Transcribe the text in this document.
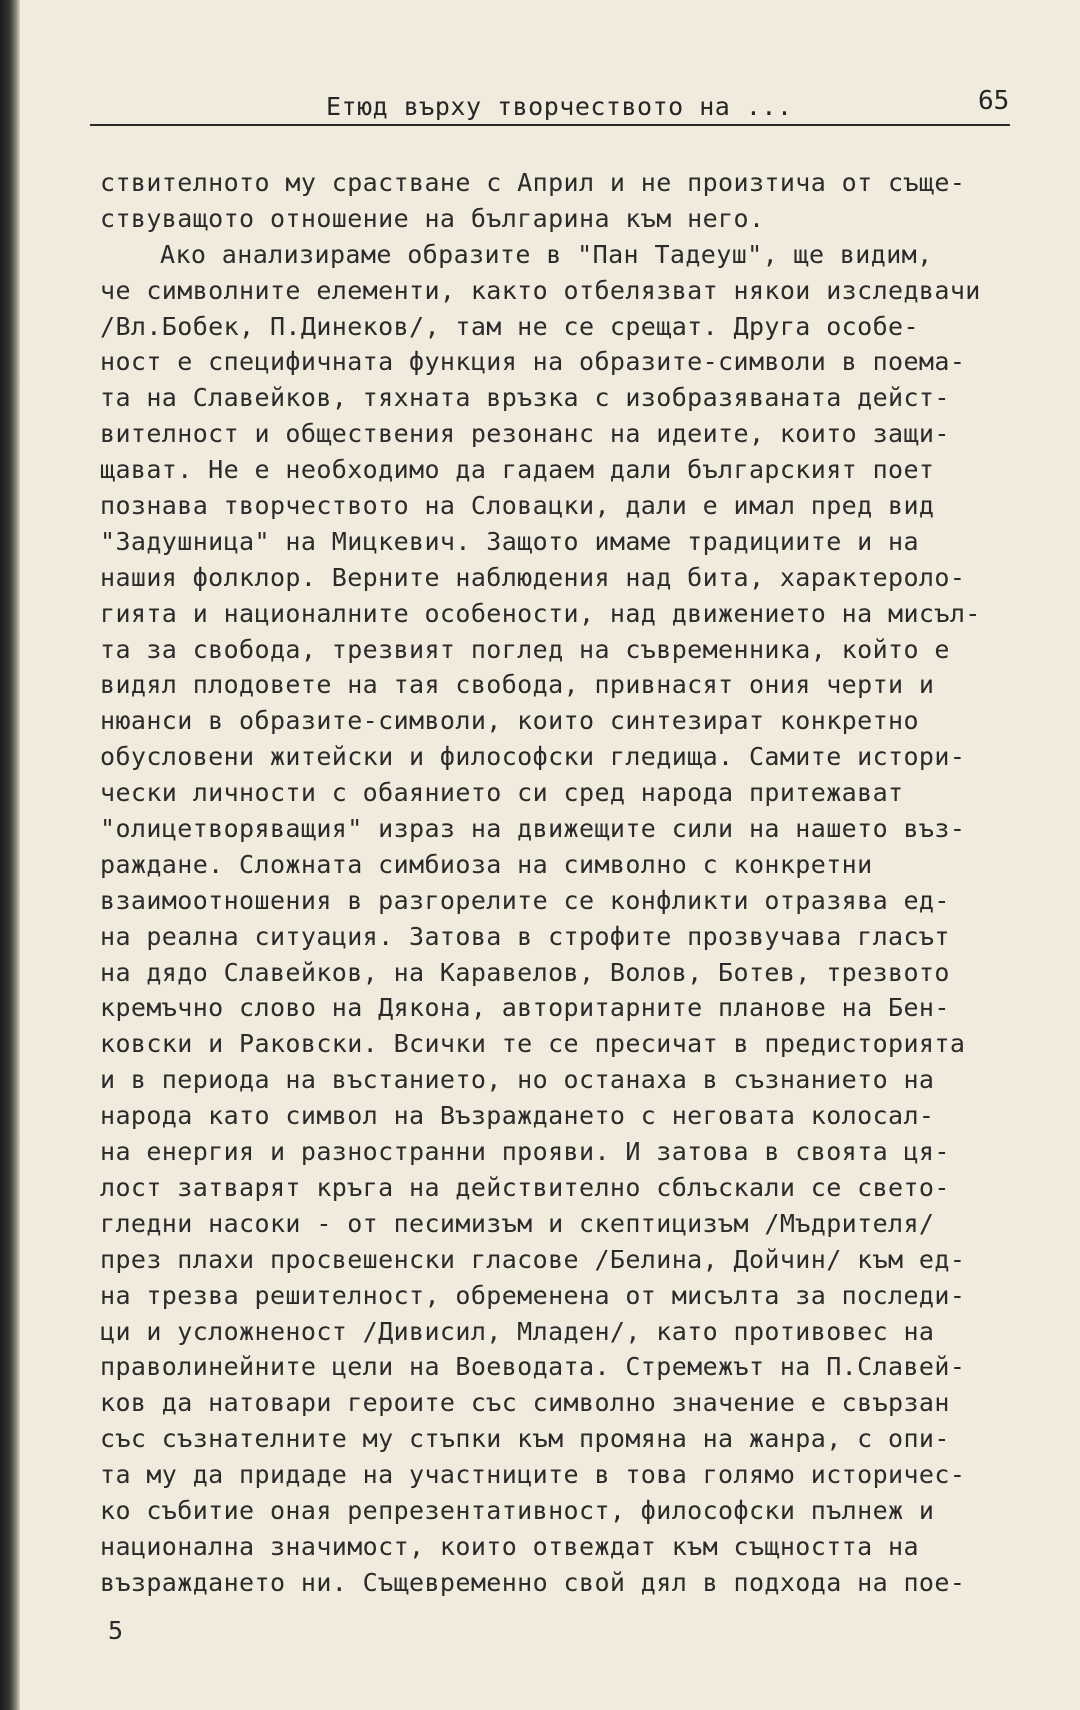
Етюд върху творчеството на ...	65
ствителното му срастване с Април и не произтича от съще-
ствуващото отношение на българина към него.
Ако анализираме образите в "Пан Тадеуш", ще видим,
че символните елементи, както отбелязват някои изследвачи
/Вл.Бобек, П.Динеков/, там не се срещат. Друга особе-
ност е специфичната функция на образите-символи в поема-
та на Славейков, тяхната връзка с изобразяваната дейст-
вителност и обществения резонанс на идеите, които защи-
щават. Не е необходимо да гадаем дали българският поет
познава творчеството на Словацки, дали е имал пред вид
"Задушница" на Мицкевич. Защото имаме традициите и на
нашия фолклор. Верните наблюдения над бита, характероло-
гията и националните особености, над движението на мисъл-
та за свобода, трезвият поглед на съвременника, който е
видял плодовете на тая свобода, привнасят ония черти и
нюанси в образите-символи, които синтезират конкретно
обусловени житейски и философски гледища. Самите истори-
чески личности с обаянието си сред народа притежават
"олицетворяващия" израз на движещите сили на нашето въз-
раждане. Сложната симбиоза на символно с конкретни
взаимоотношения в разгорелите се конфликти отразява ед-
на реална ситуация. Затова в строфите прозвучава гласът
на дядо Славейков, на Каравелов, Волов, Ботев, трезвото
кремъчно слово на Дякона, авторитарните планове на Бен-
ковски и Раковски. Всички те се пресичат в предисторията
и в периода на въстанието, но останаха в съзнанието на
народа като символ на Възраждането с неговата колосал-
на енергия и разностранни прояви. И затова в своята ця-
лост затварят кръга на действително сблъскали се свето-
гледни насоки - от песимизъм и скептицизъм /Мъдрителя/
през плахи просвешенски гласове /Белина, Дойчин/ към ед-
на трезва решителност, обременена от мисълта за последи-
ци и усложненост /Дивисил, Младен/, като противовес на
праволинейните цели на Воеводата. Стремежът на П.Славей-
ков да натовари героите със символно значение е свързан
със съзнателните му стъпки към промяна на жанра, с опи-
та му да придаде на участниците в това голямо историчес-
ко събитие оная репрезентативност, философски пълнеж и
национална значимост, които отвеждат към същността на
възраждането ни. Същевременно свой дял в подхода на пое-
5
